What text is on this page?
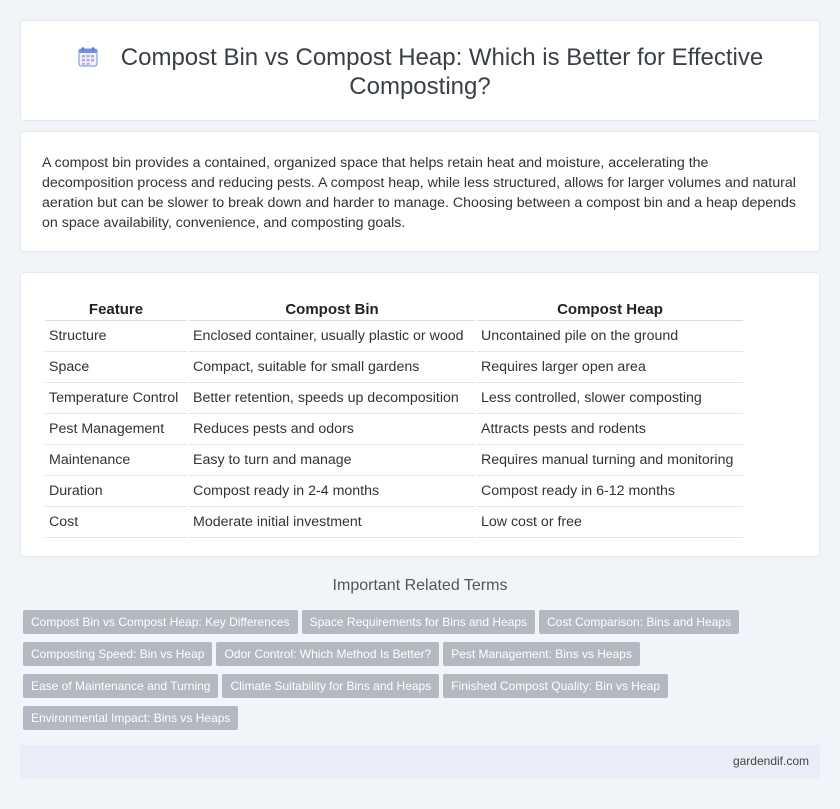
Compost Bin vs Compost Heap: Which is Better for Effective Composting?
A compost bin provides a contained, organized space that helps retain heat and moisture, accelerating the decomposition process and reducing pests. A compost heap, while less structured, allows for larger volumes and natural aeration but can be slower to break down and harder to manage. Choosing between a compost bin and a heap depends on space availability, convenience, and composting goals.
Feature	Compost Bin	Compost Heap
Structure	Enclosed container, usually plastic or wood	Uncontained pile on the ground
Space	Compact, suitable for small gardens	Requires larger open area
Temperature Control	Better retention, speeds up decomposition	Less controlled, slower composting
Pest Management	Reduces pests and odors	Attracts pests and rodents
Maintenance	Easy to turn and manage	Requires manual turning and monitoring
Duration	Compost ready in 2-4 months	Compost ready in 6-12 months
Cost	Moderate initial investment	Low cost or free
Important Related Terms
Compost Bin vs Compost Heap: Key Differences Space Requirements for Bins and Heaps Cost Comparison: Bins and Heaps
Composting Speed: Bin vs Heap Odor Control: Which Method Is Better? Pest Management: Bins vs Heaps
Ease of Maintenance and Turning Climate Suitability for Bins and Heaps Finished Compost Quality: Bin vs Heap
Environmental Impact: Bins vs Heaps
gardendif.com
